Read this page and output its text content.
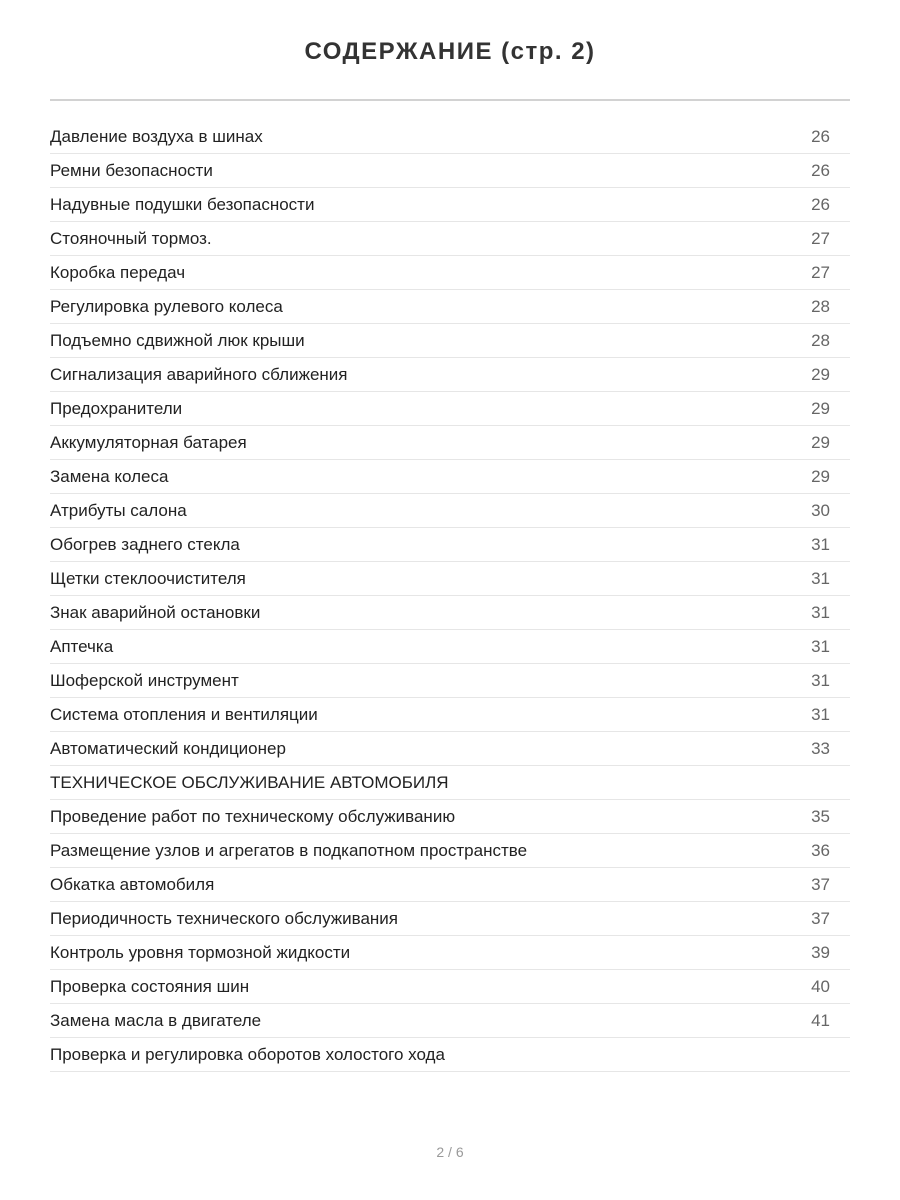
СОДЕРЖАНИЕ (стр. 2)
Давление воздуха в шинах	26
Ремни безопасности	26
Надувные подушки безопасности	26
Стояночный тормоз.	27
Коробка передач	27
Регулировка рулевого колеса	28
Подъемно сдвижной люк крыши	28
Сигнализация аварийного сближения	29
Предохранители	29
Аккумуляторная батарея	29
Замена колеса	29
Атрибуты салона	30
Обогрев заднего стекла	31
Щетки стеклоочистителя	31
Знак аварийной остановки	31
Аптечка	31
Шоферской инструмент	31
Система отопления и вентиляции	31
Автоматический кондиционер	33
ТЕХНИЧЕСКОЕ ОБСЛУЖИВАНИЕ АВТОМОБИЛЯ
Проведение работ по техническому обслуживанию	35
Размещение узлов и агрегатов в подкапотном пространстве	36
Обкатка автомобиля	37
Периодичность технического обслуживания	37
Контроль уровня тормозной жидкости	39
Проверка состояния шин	40
Замена масла в двигателе	41
Проверка и регулировка оборотов холостого хода
2 / 6
